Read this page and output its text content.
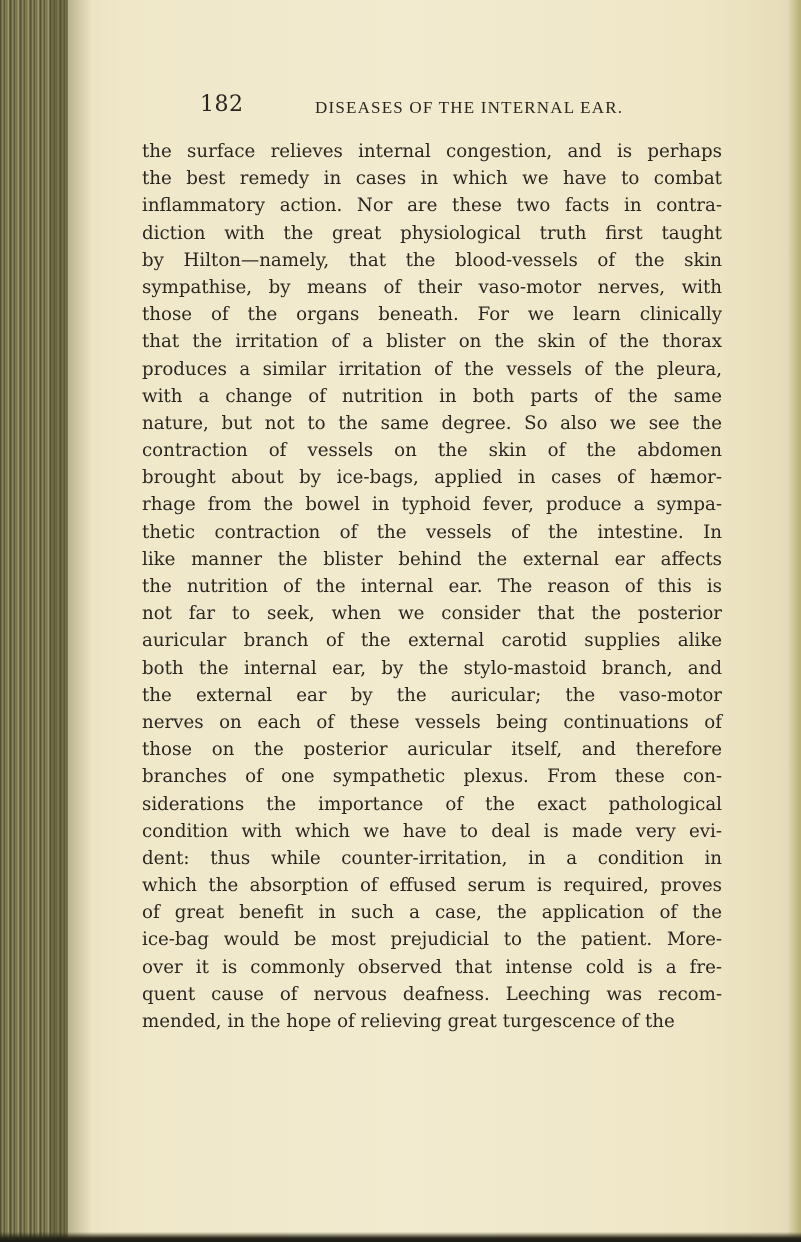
182	DISEASES OF THE INTERNAL EAR.
the surface relieves internal congestion, and is perhaps
the best remedy in cases in which we have to combat
inflammatory action. Nor are these two facts in contra-
diction with the great physiological truth first taught
by Hilton—namely, that the blood-vessels of the skin
sympathise, by means of their vaso-motor nerves, with
those of the organs beneath. For we learn clinically
that the irritation of a blister on the skin of the thorax
produces a similar irritation of the vessels of the pleura,
with a change of nutrition in both parts of the same
nature, but not to the same degree. So also we see the
contraction of vessels on the skin of the abdomen
brought about by ice-bags, applied in cases of hæmor-
rhage from the bowel in typhoid fever, produce a sympa-
thetic contraction of the vessels of the intestine. In
like manner the blister behind the external ear affects
the nutrition of the internal ear. The reason of this is
not far to seek, when we consider that the posterior
auricular branch of the external carotid supplies alike
both the internal ear, by the stylo-mastoid branch, and
the external ear by the auricular; the vaso-motor
nerves on each of these vessels being continuations of
those on the posterior auricular itself, and therefore
branches of one sympathetic plexus. From these con-
siderations the importance of the exact pathological
condition with which we have to deal is made very evi-
dent: thus while counter-irritation, in a condition in
which the absorption of effused serum is required, proves
of great benefit in such a case, the application of the
ice-bag would be most prejudicial to the patient. More-
over it is commonly observed that intense cold is a fre-
quent cause of nervous deafness. Leeching was recom-
mended, in the hope of relieving great turgescence of the
